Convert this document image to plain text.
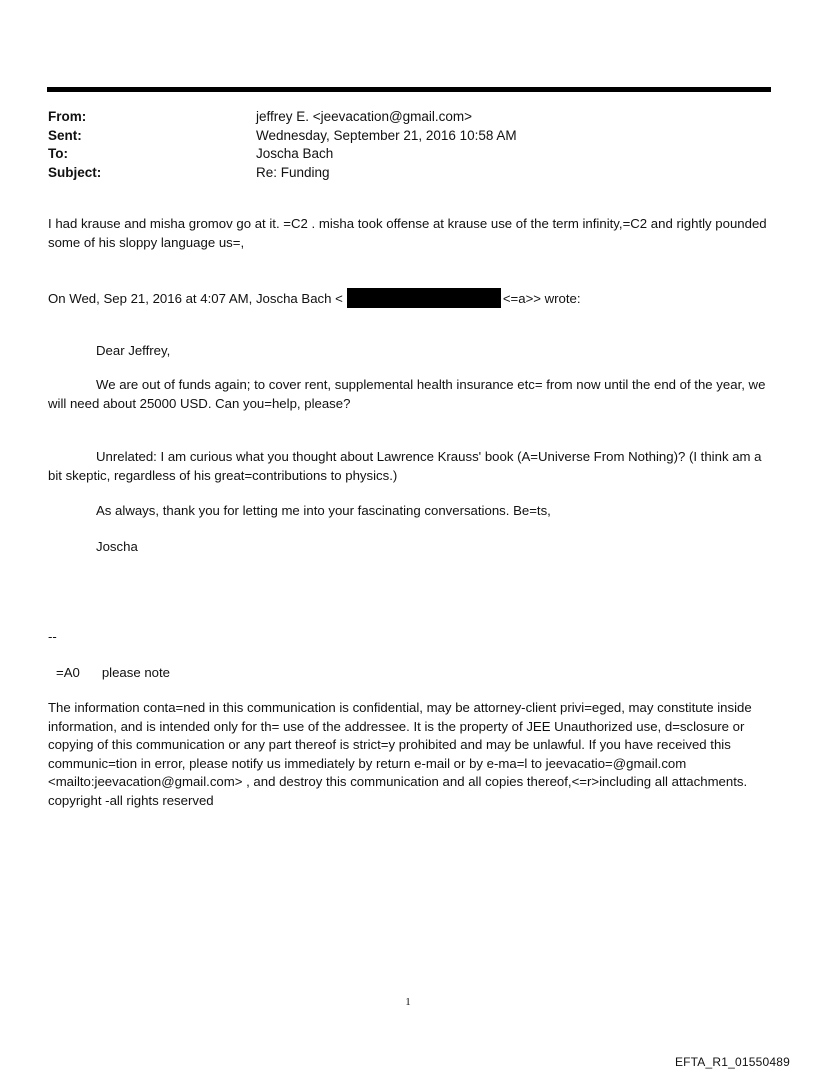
From:	jeffrey E. <jeevacation@gmail.com>
Sent:	Wednesday, September 21, 2016 10:58 AM
To:	Joscha Bach
Subject:	Re: Funding

I had krause and misha gromov go at it. =C2 . misha took offense at krause use of the term infinity,=C2 and rightly pounded some of his sloppy language us=,

On Wed, Sep 21, 2016 at 4:07 AM, Joscha Bach <	<=a>> wrote:

Dear Jeffrey,

We are out of funds again; to cover rent, supplemental health insurance etc= from now until the end of the year, we will need about 25000 USD. Can you=help, please?

Unrelated: I am curious what you thought about Lawrence Krauss' book (A=Universe From Nothing)? (I think am a bit skeptic, regardless of his great=contributions to physics.)

As always, thank you for letting me into your fascinating conversations. Be=ts,

Joscha

--

=A0      please note

The information conta=ned in this communication is confidential, may be attorney-client privi=eged, may constitute inside information, and is intended only for th= use of the addressee. It is the property of JEE Unauthorized use, d=sclosure or copying of this communication or any part thereof is strict=y prohibited and may be unlawful. If you have received this communic=tion in error, please notify us immediately by return e-mail or by e-ma=l to jeevacatio=@gmail.com <mailto:jeevacation@gmail.com> , and destroy this communication and all copies thereof,<=r>including all attachments. copyright -all rights reserved

1
EFTA_R1_01550489
